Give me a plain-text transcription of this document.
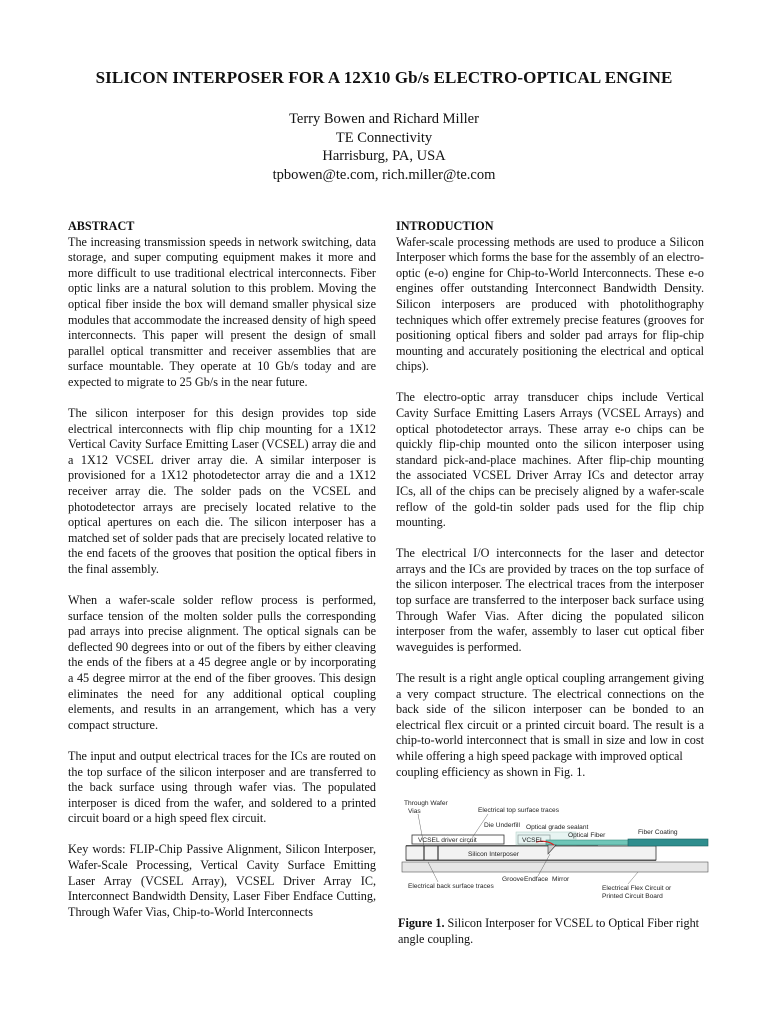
SILICON INTERPOSER FOR A 12X10 Gb/s ELECTRO-OPTICAL ENGINE
Terry Bowen and Richard Miller
TE Connectivity
Harrisburg, PA, USA
tpbowen@te.com, rich.miller@te.com
ABSTRACT

The increasing transmission speeds in network switching, data storage, and super computing equipment makes it more and more difficult to use traditional electrical interconnects. Fiber optic links are a natural solution to this problem. Moving the optical fiber inside the box will demand smaller physical size modules that accommodate the increased density of high speed interconnects. This paper will present the design of small parallel optical transmitter and receiver assemblies that are surface mountable. They operate at 10 Gb/s today and are expected to migrate to 25 Gb/s in the near future.

The silicon interposer for this design provides top side electrical interconnects with flip chip mounting for a 1X12 Vertical Cavity Surface Emitting Laser (VCSEL) array die and a 1X12 VCSEL driver array die. A similar interposer is provisioned for a 1X12 photodetector array die and a 1X12 receiver array die. The solder pads on the VCSEL and photodetector arrays are precisely located relative to the optical apertures on each die. The silicon interposer has a matched set of solder pads that are precisely located relative to the end facets of the grooves that position the optical fibers in the final assembly.

When a wafer-scale solder reflow process is performed, surface tension of the molten solder pulls the corresponding pad arrays into precise alignment. The optical signals can be deflected 90 degrees into or out of the fibers by either cleaving the ends of the fibers at a 45 degree angle or by incorporating a 45 degree mirror at the end of the fiber grooves. This design eliminates the need for any additional optical coupling elements, and results in an arrangement, which has a very compact structure.

The input and output electrical traces for the ICs are routed on the top surface of the silicon interposer and are transferred to the back surface using through wafer vias. The populated interposer is diced from the wafer, and soldered to a printed circuit board or a high speed flex circuit.

Key words: FLIP-Chip Passive Alignment, Silicon Interposer, Wafer-Scale Processing, Vertical Cavity Surface Emitting Laser Array (VCSEL Array), VCSEL Driver Array IC, Interconnect Bandwidth Density, Laser Fiber Endface Cutting, Through Wafer Vias, Chip-to-World Interconnects

INTRODUCTION

Wafer-scale processing methods are used to produce a Silicon Interposer which forms the base for the assembly of an electro-optic (e-o) engine for Chip-to-World Interconnects. These e-o engines offer outstanding Interconnect Bandwidth Density. Silicon interposers are produced with photolithography techniques which offer extremely precise features (grooves for positioning optical fibers and solder pad arrays for flip-chip mounting and accurately positioning the electrical and optical chips).

The electro-optic array transducer chips include Vertical Cavity Surface Emitting Lasers Arrays (VCSEL Arrays) and optical photodetector arrays. These array e-o chips can be quickly flip-chip mounted onto the silicon interposer using standard pick-and-place machines. After flip-chip mounting the associated VCSEL Driver Array ICs and detector array ICs, all of the chips can be precisely aligned by a wafer-scale reflow of the gold-tin solder pads used for the flip chip mounting.

The electrical I/O interconnects for the laser and detector arrays and the ICs are provided by traces on the top surface of the silicon interposer. The electrical traces from the interposer top surface are transferred to the interposer back surface using Through Wafer Vias. After dicing the populated silicon interposer from the wafer, assembly to laser cut optical fiber waveguides is performed.

The result is a right angle optical coupling arrangement giving a very compact structure. The electrical connections on the back side of the silicon interposer can be bonded to an electrical flex circuit or a printed circuit board. The result is a chip-to-world interconnect that is small in size and low in cost while offering a high speed package with improved optical

coupling efficiency as shown in Fig. 1.

Through Wafer
Vias	Electrical top surface traces
Die Underfill Optical grade sealant
VCSEL driver circuit	VCSEL
Optical Fiber	Fiber Coating
Silicon Interposer
Electrical back surface traces
Groove Endface Mirror
Electrical Flex Circuit or
Printed Circuit Board
Figure 1. Silicon Interposer for VCSEL to Optical Fiber right angle coupling.
